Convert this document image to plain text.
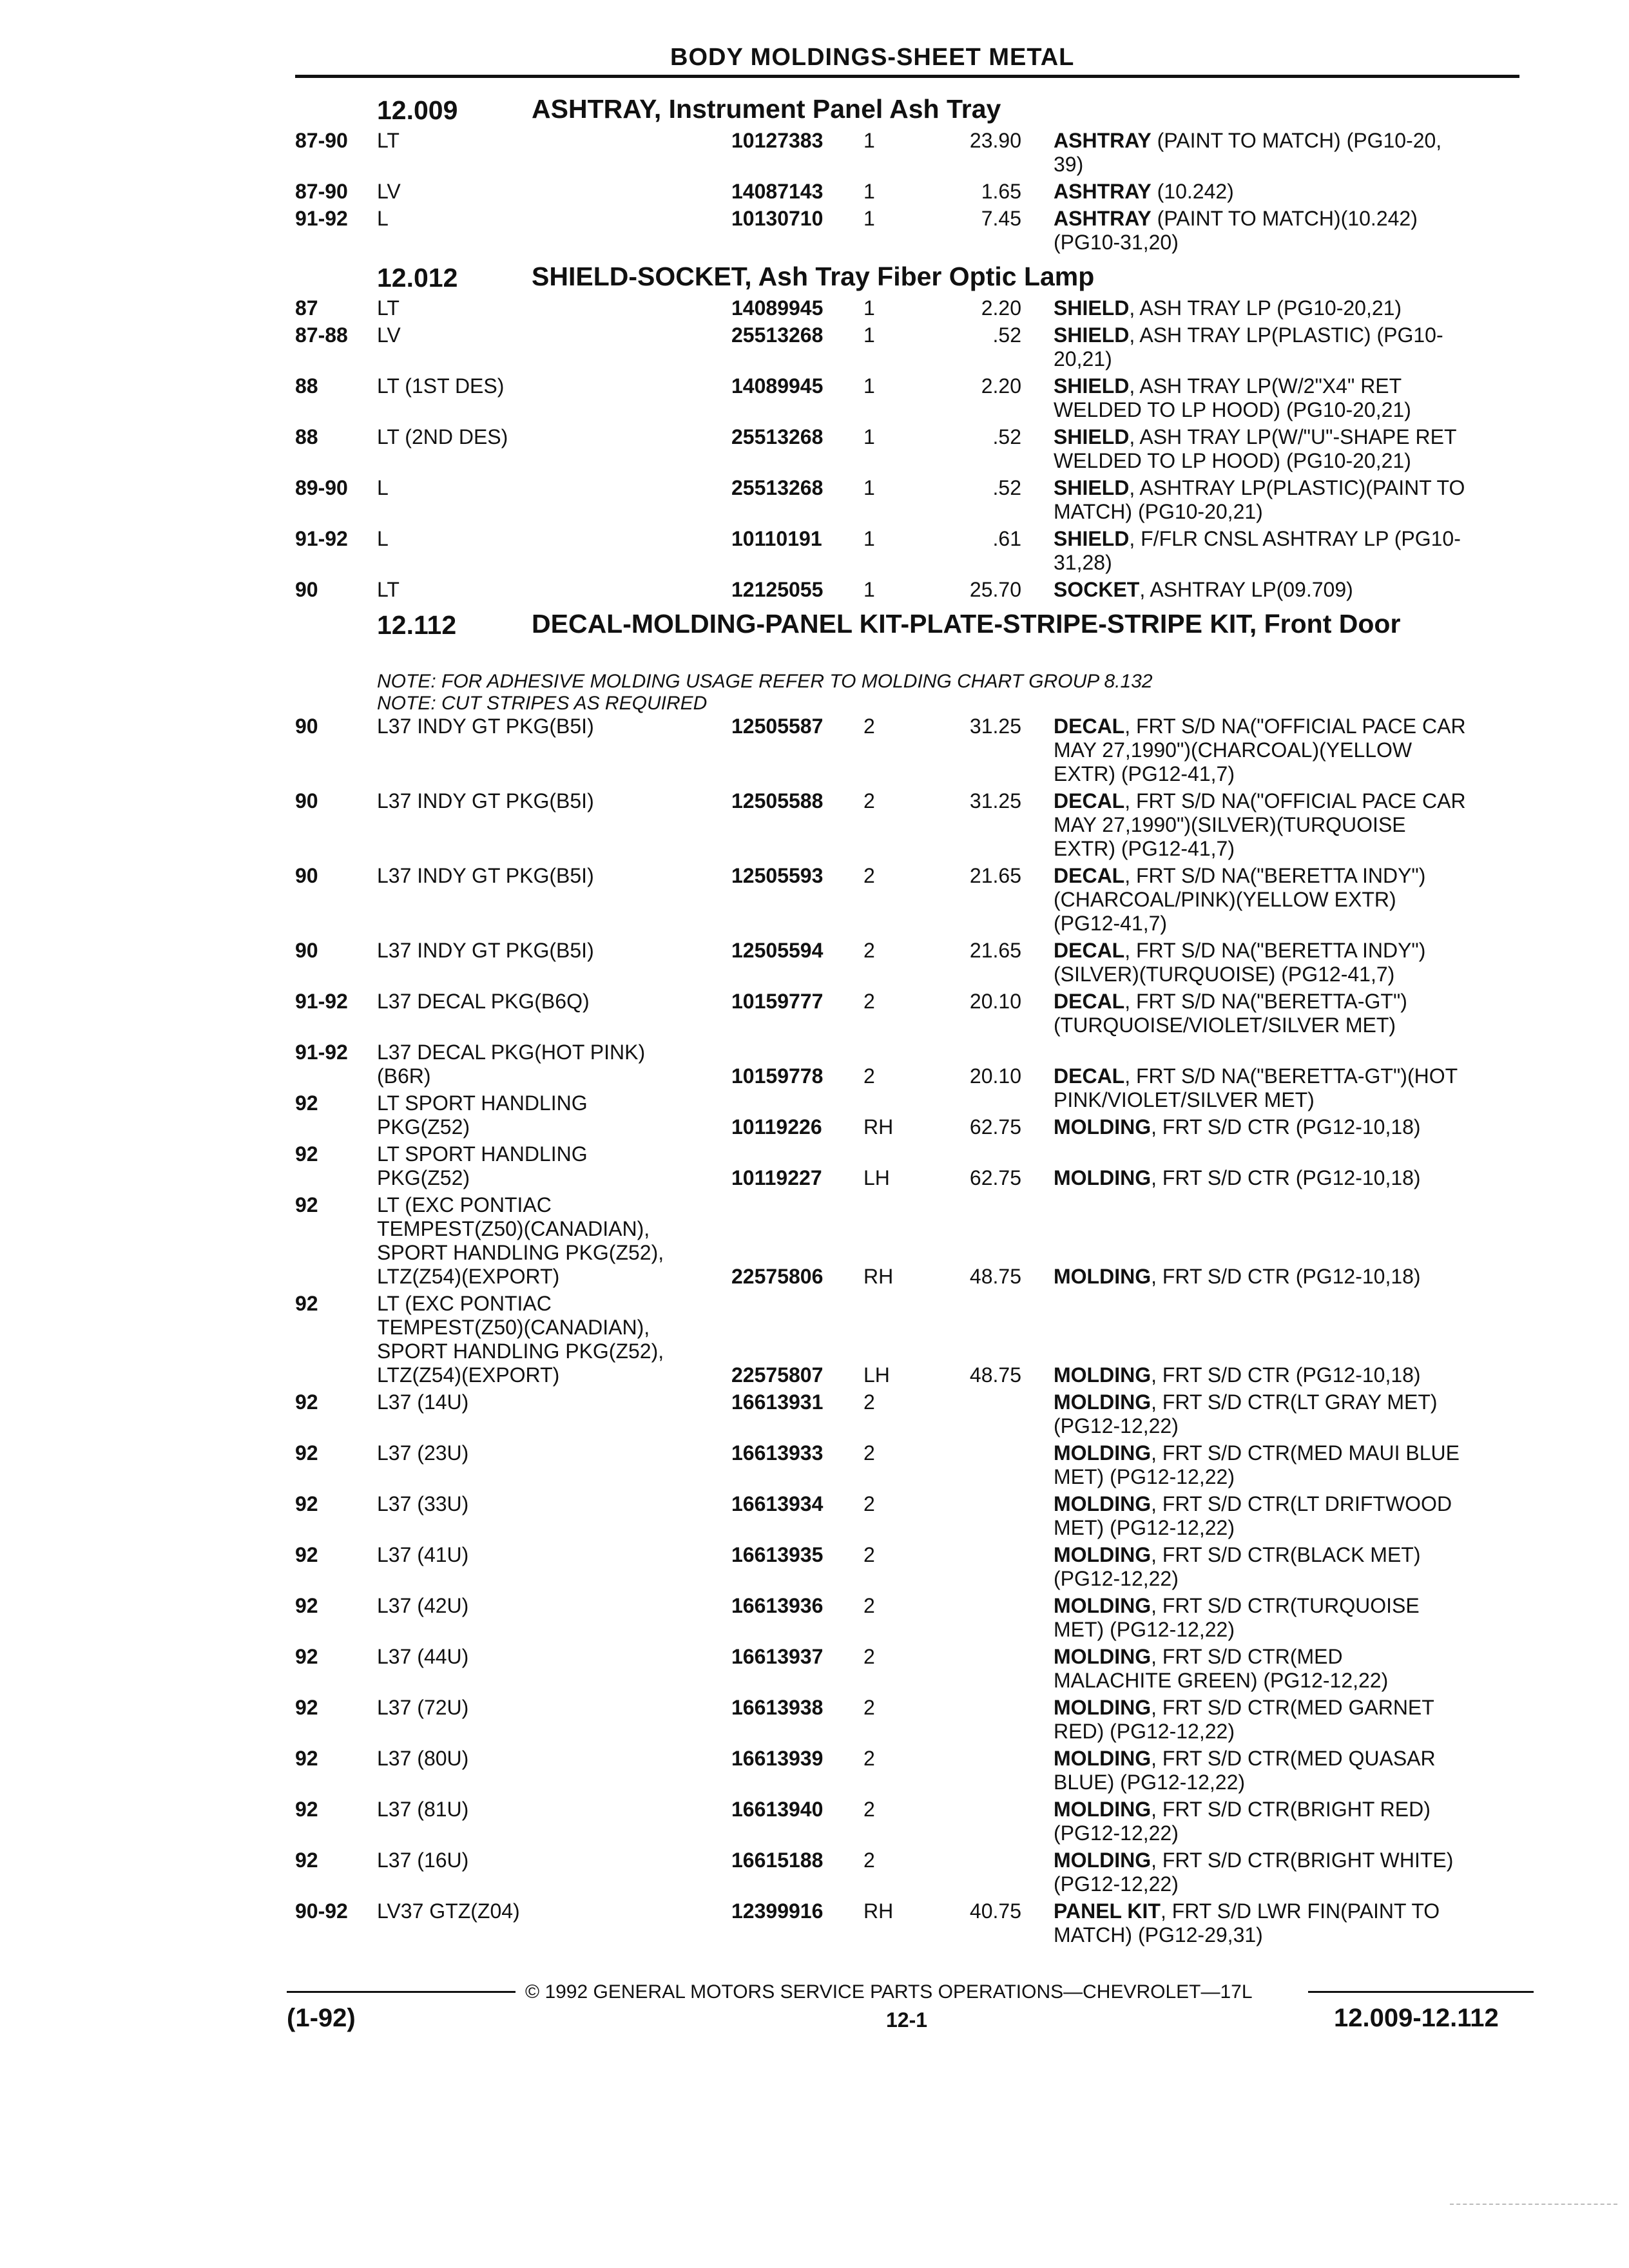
BODY MOLDINGS-SHEET METAL
12.009	ASHTRAY, Instrument Panel Ash Tray
87-90 LT	10127383 1	23.90 ASHTRAY (PAINT TO MATCH) (PG10-20,
39)
87-90 LV	14087143 1	1.65 ASHTRAY (10.242)
91-92 L	10130710 1	7.45 ASHTRAY (PAINT TO MATCH)(10.242)
(PG10-31,20)
12.012	SHIELD-SOCKET, Ash Tray Fiber Optic Lamp
87	LT	14089945 1	2.20 SHIELD, ASH TRAY LP (PG10-20,21)
87-88 LV	25513268 1	.52 SHIELD, ASH TRAY LP(PLASTIC) (PG10-
20,21)
88	LT (1ST DES)	14089945 1	2.20 SHIELD, ASH TRAY LP(W/2"X4" RET
WELDED TO LP HOOD) (PG10-20,21)
88	LT (2ND DES)	25513268 1	.52 SHIELD, ASH TRAY LP(W/"U"-SHAPE RET
WELDED TO LP HOOD) (PG10-20,21)
89-90 L	25513268 1	.52 SHIELD, ASHTRAY LP(PLASTIC)(PAINT TO
MATCH) (PG10-20,21)
91-92 L	10110191 1	.61 SHIELD, F/FLR CNSL ASHTRAY LP (PG10-
31,28)
90	LT	12125055 1	25.70 SOCKET, ASHTRAY LP(09.709)
12.112	DECAL-MOLDING-PANEL KIT-PLATE-STRIPE-STRIPE KIT, Front Door
NOTE: FOR ADHESIVE MOLDING USAGE REFER TO MOLDING CHART GROUP 8.132
NOTE: CUT STRIPES AS REQUIRED
90	L37 INDY GT PKG(B5I)	12505587 2	31.25 DECAL, FRT S/D NA("OFFICIAL PACE CAR
MAY 27,1990")(CHARCOAL)(YELLOW
EXTR) (PG12-41,7)
90	L37 INDY GT PKG(B5I)	12505588 2	31.25 DECAL, FRT S/D NA("OFFICIAL PACE CAR
MAY 27,1990")(SILVER)(TURQUOISE
EXTR) (PG12-41,7)
90	L37 INDY GT PKG(B5I)	12505593 2	21.65 DECAL, FRT S/D NA("BERETTA INDY")
(CHARCOAL/PINK)(YELLOW EXTR)
(PG12-41,7)
90	L37 INDY GT PKG(B5I)	12505594 2	21.65 DECAL, FRT S/D NA("BERETTA INDY")
(SILVER)(TURQUOISE) (PG12-41,7)
91-92 L37 DECAL PKG(B6Q)	10159777 2	20.10 DECAL, FRT S/D NA("BERETTA-GT")
(TURQUOISE/VIOLET/SILVER MET)
91-92 L37 DECAL PKG(HOT PINK)
(B6R)	10159778 2	20.10 DECAL, FRT S/D NA("BERETTA-GT")(HOT
PINK/VIOLET/SILVER MET)
92	LT SPORT HANDLING
PKG(Z52)	10119226 RH	62.75 MOLDING, FRT S/D CTR (PG12-10,18)
92	LT SPORT HANDLING
PKG(Z52)	10119227 LH	62.75 MOLDING, FRT S/D CTR (PG12-10,18)
92	LT (EXC PONTIAC
TEMPEST(Z50)(CANADIAN),
SPORT HANDLING PKG(Z52),
LTZ(Z54)(EXPORT)	22575806 RH	48.75 MOLDING, FRT S/D CTR (PG12-10,18)
92	LT (EXC PONTIAC
TEMPEST(Z50)(CANADIAN),
SPORT HANDLING PKG(Z52),
LTZ(Z54)(EXPORT)	22575807 LH	48.75 MOLDING, FRT S/D CTR (PG12-10,18)
92	L37 (14U)	16613931 2	MOLDING, FRT S/D CTR(LT GRAY MET)
(PG12-12,22)
92	L37 (23U)	16613933 2	MOLDING, FRT S/D CTR(MED MAUI BLUE
MET) (PG12-12,22)
92	L37 (33U)	16613934 2	MOLDING, FRT S/D CTR(LT DRIFTWOOD
MET) (PG12-12,22)
92	L37 (41U)	16613935 2	MOLDING, FRT S/D CTR(BLACK MET)
(PG12-12,22)
92	L37 (42U)	16613936 2	MOLDING, FRT S/D CTR(TURQUOISE
MET) (PG12-12,22)
92	L37 (44U)	16613937 2	MOLDING, FRT S/D CTR(MED
MALACHITE GREEN) (PG12-12,22)
92	L37 (72U)	16613938 2	MOLDING, FRT S/D CTR(MED GARNET
RED) (PG12-12,22)
92	L37 (80U)	16613939 2	MOLDING, FRT S/D CTR(MED QUASAR
BLUE) (PG12-12,22)
92	L37 (81U)	16613940 2	MOLDING, FRT S/D CTR(BRIGHT RED)
(PG12-12,22)
92	L37 (16U)	16615188 2	MOLDING, FRT S/D CTR(BRIGHT WHITE)
(PG12-12,22)
90-92 LV37 GTZ(Z04)	12399916 RH	40.75 PANEL KIT, FRT S/D LWR FIN(PAINT TO
MATCH) (PG12-29,31)
© 1992 GENERAL MOTORS SERVICE PARTS OPERATIONS—CHEVROLET—17L
(1-92)	12-1	12.009-12.112
